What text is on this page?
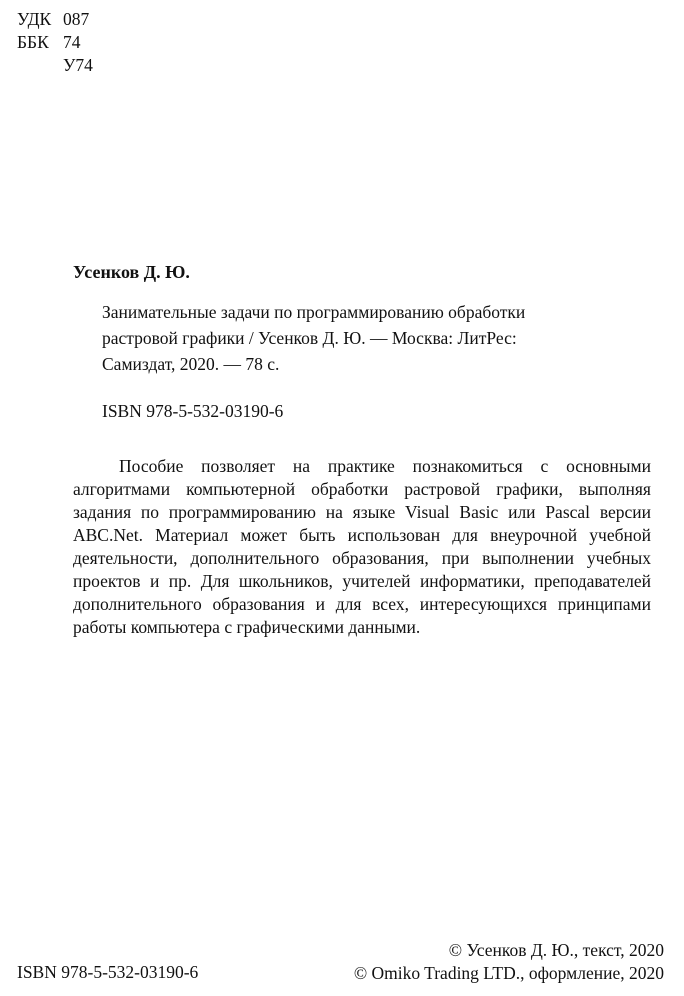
УДК 087
ББК 74
У74
Усенков Д. Ю.
Занимательные задачи по программированию обработки
растровой графики / Усенков Д. Ю. — Москва: ЛитРес:
Самиздат, 2020. — 78 с.
ISBN 978-5-532-03190-6
Пособие позволяет на практике познакомиться с основными
алгоритмами компьютерной обработки растровой графики, выполняя
задания по программированию на языке Visual Basic или Pascal версии
ABC.Net. Материал может быть использован для внеурочной учебной
деятельности, дополнительного образования, при выполнении учебных
проектов и пр. Для школьников, учителей информатики, преподавателей
дополнительного образования и для всех, интересующихся принципами
работы компьютера с графическими данными.
ISBN 978-5-532-03190-6
© Усенков Д. Ю., текст, 2020
© Omiko Trading LTD., оформление, 2020
